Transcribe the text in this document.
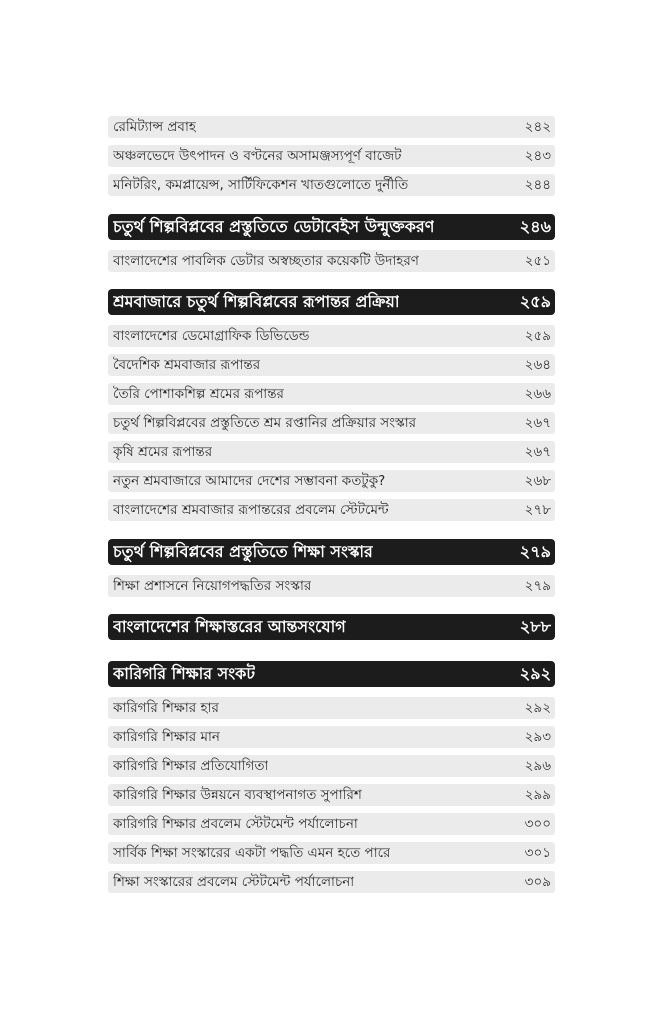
রেমিট্যান্স প্রবাহ	২৪২
অঞ্চলভেদে উৎপাদন ও বণ্টনের অসামঞ্জস্যপূর্ণ বাজেট	২৪৩
মনিটরিং, কমপ্লায়েন্স, সার্টিফিকেশন খাতগুলোতে দুর্নীতি	২৪৪
চতুর্থ শিল্পবিপ্লবের প্রস্তুতিতে ডেটাবেইস উন্মুক্তকরণ	২৪৬
বাংলাদেশের পাবলিক ডেটার অস্বচ্ছতার কয়েকটি উদাহরণ	২৫১
শ্রমবাজারে চতুর্থ শিল্পবিপ্লবের রূপান্তর প্রক্রিয়া	২৫৯
বাংলাদেশের ডেমোগ্রাফিক ডিভিডেন্ড	২৫৯
বৈদেশিক শ্রমবাজার রূপান্তর	২৬৪
তৈরি পোশাকশিল্প শ্রমের রূপান্তর	২৬৬
চতুর্থ শিল্পবিপ্লবের প্রস্তুতিতে শ্রম রপ্তানির প্রক্রিয়ার সংস্কার	২৬৭
কৃষি শ্রমের রূপান্তর	২৬৭
নতুন শ্রমবাজারে আমাদের দেশের সম্ভাবনা কতটুকু?	২৬৮
বাংলাদেশের শ্রমবাজার রূপান্তরের প্রবলেম স্টেটমেন্ট	২৭৮
চতুর্থ শিল্পবিপ্লবের প্রস্তুতিতে শিক্ষা সংস্কার	২৭৯
শিক্ষা প্রশাসনে নিয়োগপদ্ধতির সংস্কার	২৭৯
বাংলাদেশের শিক্ষাস্তরের আন্তসংযোগ	২৮৮
কারিগরি শিক্ষার সংকট	২৯২
কারিগরি শিক্ষার হার	২৯২
কারিগরি শিক্ষার মান	২৯৩
কারিগরি শিক্ষার প্রতিযোগিতা	২৯৬
কারিগরি শিক্ষার উন্নয়নে ব্যবস্থাপনাগত সুপারিশ	২৯৯
কারিগরি শিক্ষার প্রবলেম স্টেটমেন্ট পর্যালোচনা	৩০০
সার্বিক শিক্ষা সংস্কারের একটা পদ্ধতি এমন হতে পারে	৩০১
শিক্ষা সংস্কারের প্রবলেম স্টেটমেন্ট পর্যালোচনা	৩০৯
